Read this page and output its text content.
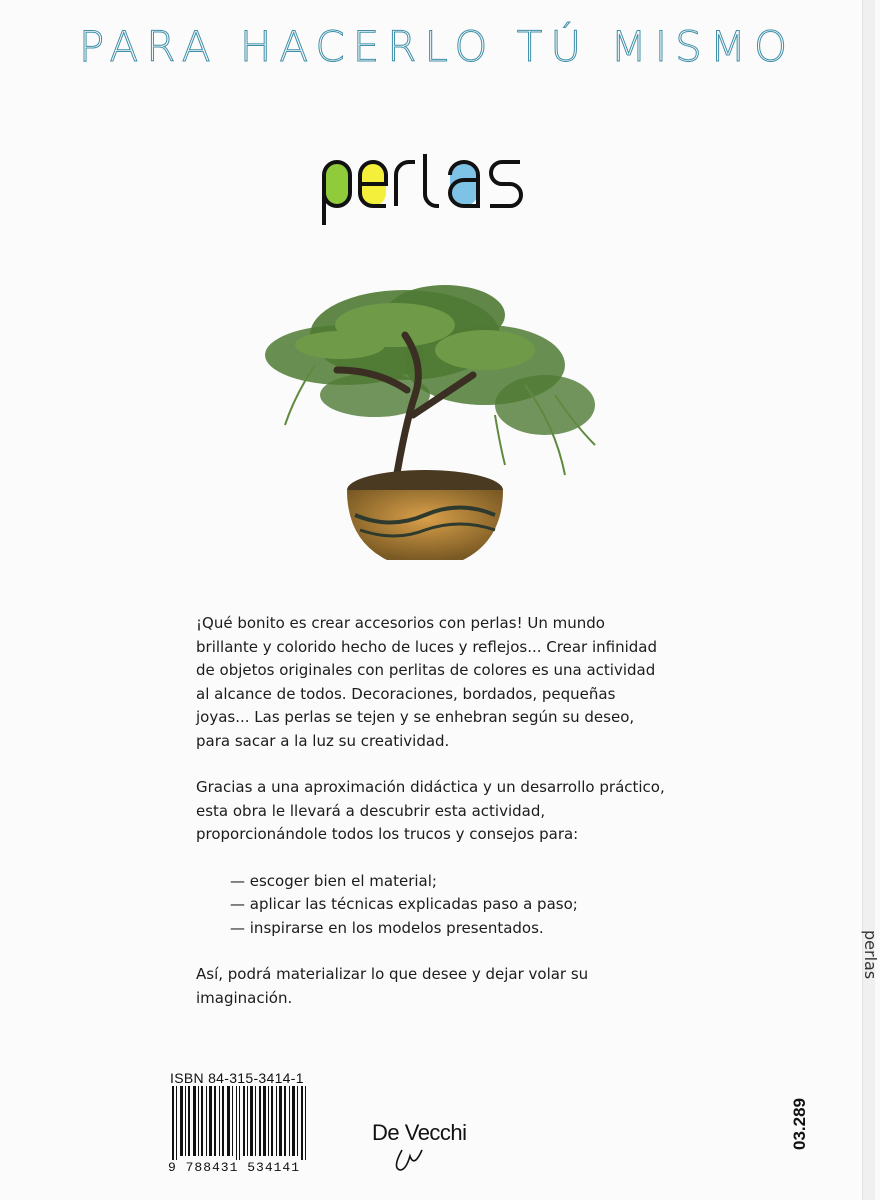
PARA HACERLO TÚ MISMO

¡Qué bonito es crear accesorios con perlas! Un mundo brillante y colorido hecho de luces y reflejos... Crear infinidad de objetos originales con perlitas de colores es una actividad al alcance de todos. Decoraciones, bordados, pequeñas joyas... Las perlas se tejen y se enhebran según su deseo, para sacar a la luz su creatividad.

Gracias a una aproximación didáctica y un desarrollo práctico, esta obra le llevará a descubrir esta actividad, proporcionándole todos los trucos y consejos para:

— escoger bien el material;
— aplicar las técnicas explicadas paso a paso;
— inspirarse en los modelos presentados.

Así, podrá materializar lo que desee y dejar volar su imaginación.

ISBN 84-315-3414-1
9 788431 534141
De Vecchi	03.289
perlas
